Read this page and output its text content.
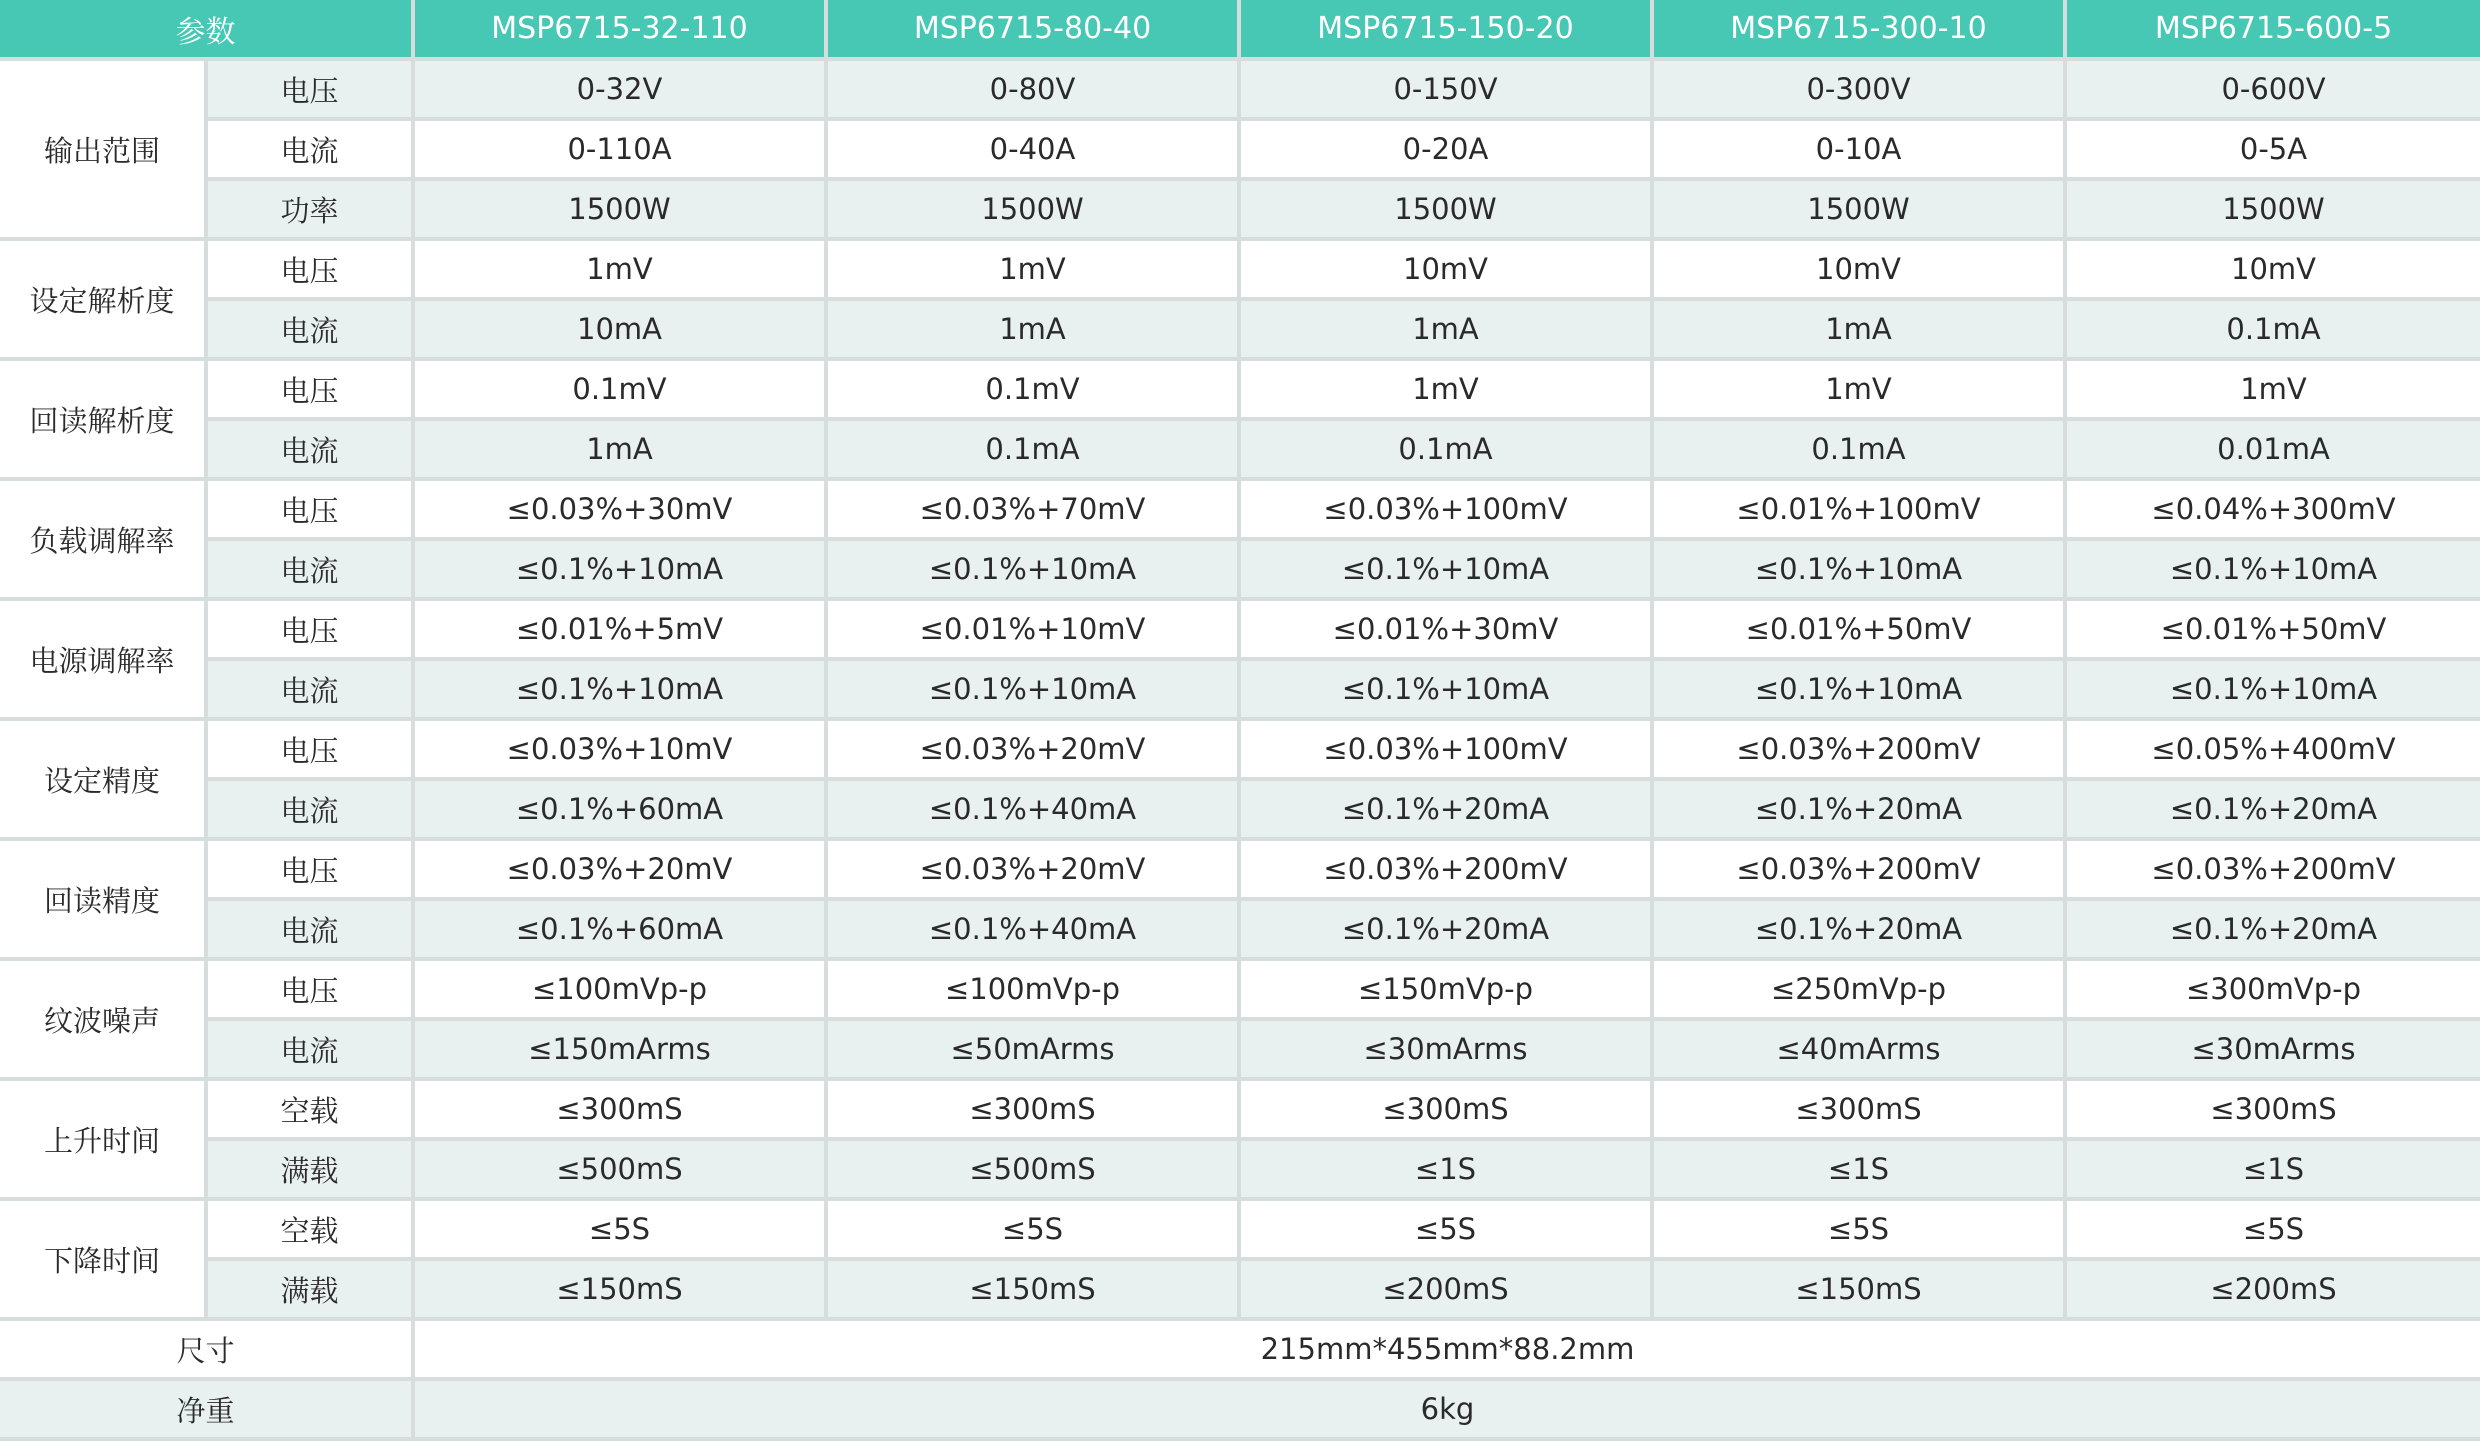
参数		MSP6715-32-110	MSP6715-80-40	MSP6715-150-20	MSP6715-300-10	MSP6715-600-5
输出范围	电压	0-32V	0-80V	0-150V	0-300V	0-600V
	电流	0-110A	0-40A	0-20A	0-10A	0-5A
	功率	1500W	1500W	1500W	1500W	1500W
设定解析度	电压	1mV	1mV	10mV	10mV	10mV
	电流	10mA	1mA	1mA	1mA	0.1mA
回读解析度	电压	0.1mV	0.1mV	1mV	1mV	1mV
	电流	1mA	0.1mA	0.1mA	0.1mA	0.01mA
负载调解率	电压	≤0.03%+30mV	≤0.03%+70mV	≤0.03%+100mV	≤0.01%+100mV	≤0.04%+300mV
	电流	≤0.1%+10mA	≤0.1%+10mA	≤0.1%+10mA	≤0.1%+10mA	≤0.1%+10mA
电源调解率	电压	≤0.01%+5mV	≤0.01%+10mV	≤0.01%+30mV	≤0.01%+50mV	≤0.01%+50mV
	电流	≤0.1%+10mA	≤0.1%+10mA	≤0.1%+10mA	≤0.1%+10mA	≤0.1%+10mA
设定精度	电压	≤0.03%+10mV	≤0.03%+20mV	≤0.03%+100mV	≤0.03%+200mV	≤0.05%+400mV
	电流	≤0.1%+60mA	≤0.1%+40mA	≤0.1%+20mA	≤0.1%+20mA	≤0.1%+20mA
回读精度	电压	≤0.03%+20mV	≤0.03%+20mV	≤0.03%+200mV	≤0.03%+200mV	≤0.03%+200mV
	电流	≤0.1%+60mA	≤0.1%+40mA	≤0.1%+20mA	≤0.1%+20mA	≤0.1%+20mA
纹波噪声	电压	≤100mVp-p	≤100mVp-p	≤150mVp-p	≤250mVp-p	≤300mVp-p
	电流	≤150mArms	≤50mArms	≤30mArms	≤40mArms	≤30mArms
上升时间	空载	≤300mS	≤300mS	≤300mS	≤300mS	≤300mS
	满载	≤500mS	≤500mS	≤1S	≤1S	≤1S
下降时间	空载	≤5S	≤5S	≤5S	≤5S	≤5S
	满载	≤150mS	≤150mS	≤200mS	≤150mS	≤200mS
尺寸		215mm*455mm*88.2mm				
净重		6kg				
